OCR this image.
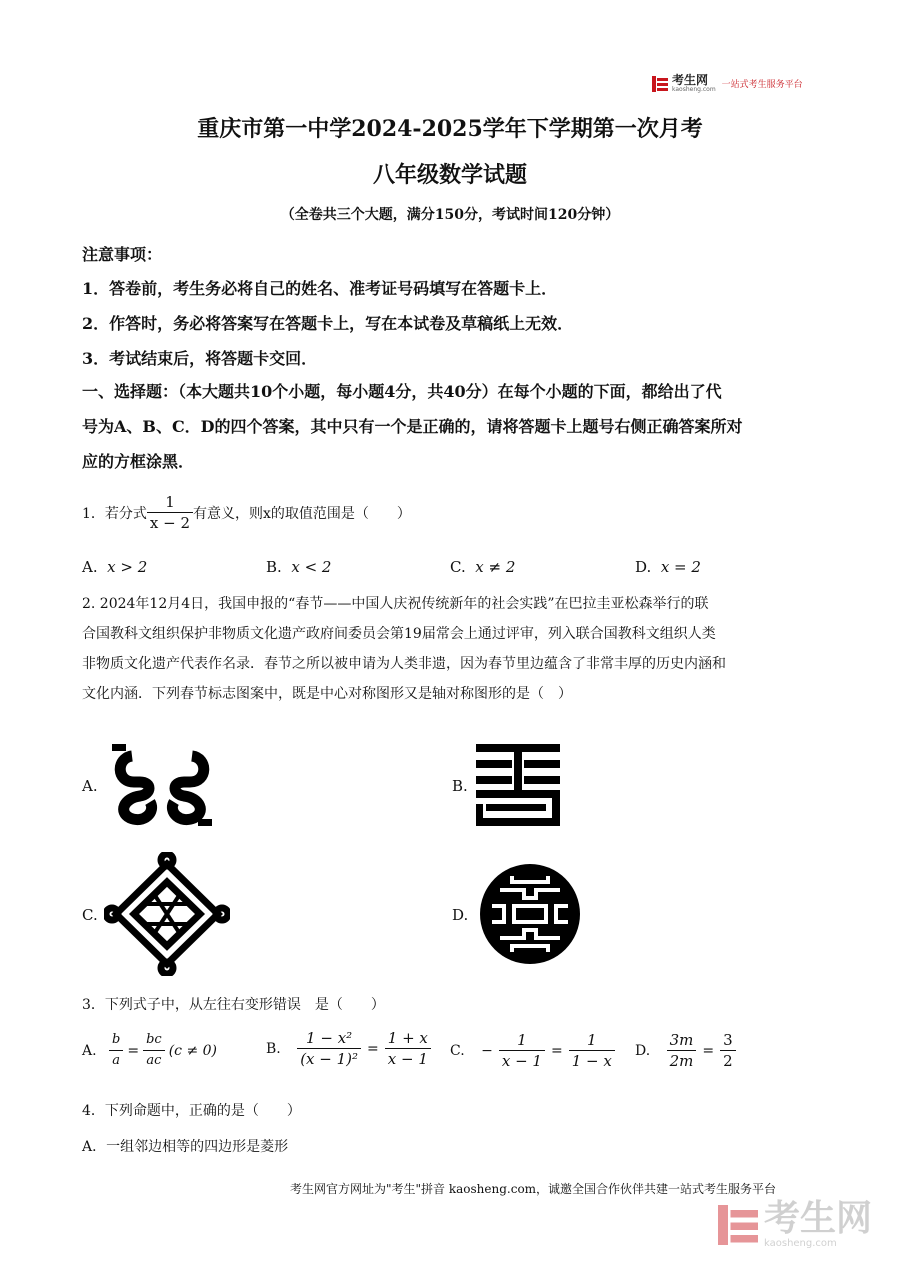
考生网
kaosheng.com 一站式考生服务平台
重庆市第一中学2024-2025学年下学期第一次月考
八年级数学试题
（全卷共三个大题，满分150分，考试时间120分钟）
注意事项：
1．答卷前，考生务必将自己的姓名、准考证号码填写在答题卡上．
2．作答时，务必将答案写在答题卡上，写在本试卷及草稿纸上无效．
3．考试结束后，将答题卡交回．
一、选择题：（本大题共10个小题，每小题4分，共40分）在每个小题的下面，都给出了代
号为A、B、C．D的四个答案，其中只有一个是正确的，请将答题卡上题号右侧正确答案所对
应的方框涂黑．
1．若分式 $\frac{1}{x - 2}$ 有意义，则x的取值范围是（　　）
A. x > 2	B. x < 2	C. x ≠ 2	D. x = 2
2. 2024年12月4日，我国申报的“春节——中国人庆祝传统新年的社会实践”在巴拉圭亚松森举行的联
合国教科文组织保护非物质文化遗产政府间委员会第19届常会上通过评审，列入联合国教科文组织人类
非物质文化遗产代表作名录．春节之所以被申请为人类非遗，因为春节里边蕴含了非常丰厚的历史内涵和
文化内涵．下列春节标志图案中，既是中心对称图形又是轴对称图形的是（　）
A.	B.
C.	D.
3．下列式子中，从左往右变形错误　是（　　）
A.
$\frac{b}{a} = \frac{bc}{ac} (c \ne 0)$	B.
$\frac{\text{1 − x²}}{\text{(x − 1)²}} = \frac{1 + x}{x - 1} C$.
− $\frac{1}{x - 1} = \frac{1}{1 - x} D$.
$\frac{3m}{2m} = \frac{3}{2}$
4．下列命题中，正确的是（　　）
A．一组邻边相等的四边形是菱形
考生网官方网址为"考生"拼音 kaosheng.com，诚邀全国合作伙伴共建一站式考生服务平台
考生网
kaosheng.com
